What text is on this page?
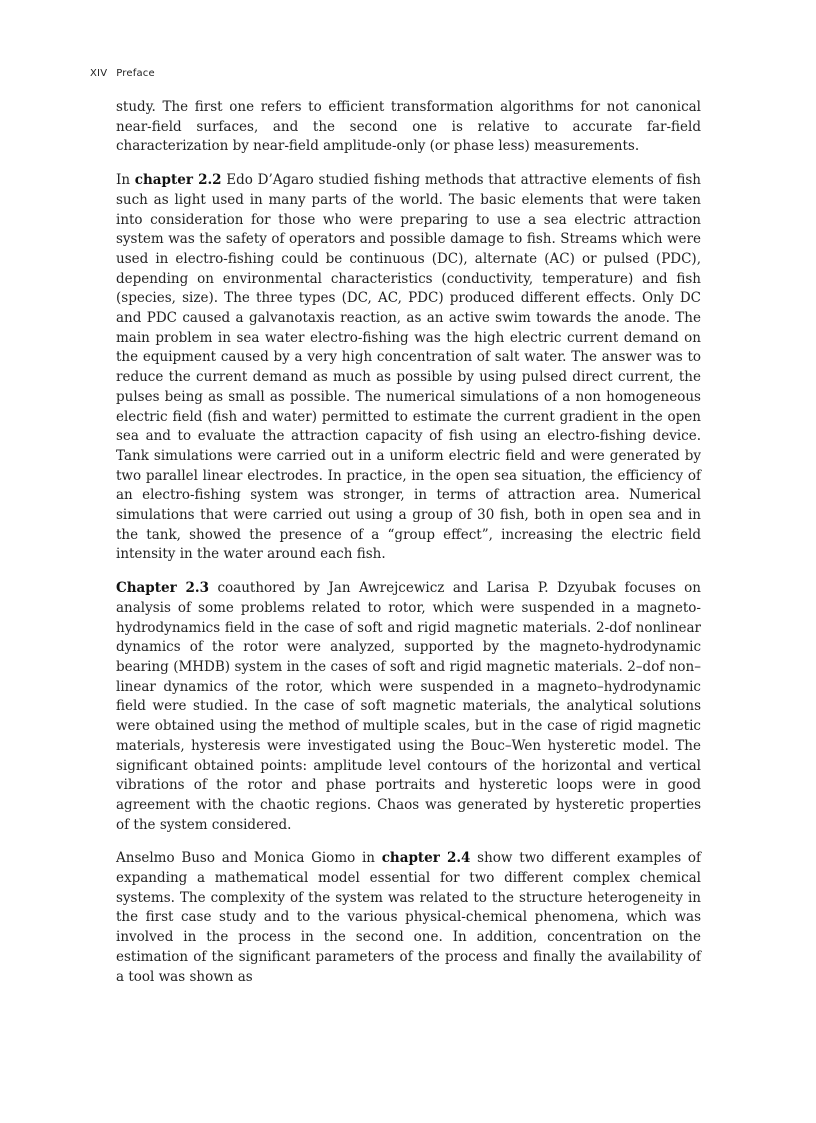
XIV Preface

study. The first one refers to efficient transformation algorithms for not canonical near-field surfaces, and the second one is relative to accurate far-field characterization by near-field amplitude-only (or phase less) measurements.

In chapter 2.2 Edo D’Agaro studied fishing methods that attractive elements of fish such as light used in many parts of the world. The basic elements that were taken into consideration for those who were preparing to use a sea electric attraction system was the safety of operators and possible damage to fish. Streams which were used in electro-fishing could be continuous (DC), alternate (AC) or pulsed (PDC), depending on environmental characteristics (conductivity, temperature) and fish (species, size). The three types (DC, AC, PDC) produced different effects. Only DC and PDC caused a galvanotaxis reaction, as an active swim towards the anode. The main problem in sea water electro-fishing was the high electric current demand on the equipment caused by a very high concentration of salt water. The answer was to reduce the current demand as much as possible by using pulsed direct current, the pulses being as small as possible. The numerical simulations of a non homogeneous electric field (fish and water) permitted to estimate the current gradient in the open sea and to evaluate the attraction capacity of fish using an electro-fishing device. Tank simulations were carried out in a uniform electric field and were generated by two parallel linear electrodes. In practice, in the open sea situation, the efficiency of an electro-fishing system was stronger, in terms of attraction area. Numerical simulations that were carried out using a group of 30 fish, both in open sea and in the tank, showed the presence of a “group effect”, increasing the electric field intensity in the water around each fish.

Chapter 2.3 coauthored by Jan Awrejcewicz and Larisa P. Dzyubak focuses on analysis of some problems related to rotor, which were suspended in a magneto-hydrodynamics field in the case of soft and rigid magnetic materials. 2-dof nonlinear dynamics of the rotor were analyzed, supported by the magneto-hydrodynamic bearing (MHDB) system in the cases of soft and rigid magnetic materials. 2–dof non–linear dynamics of the rotor, which were suspended in a magneto–hydrodynamic field were studied. In the case of soft magnetic materials, the analytical solutions were obtained using the method of multiple scales, but in the case of rigid magnetic materials, hysteresis were investigated using the Bouc–Wen hysteretic model. The significant obtained points: amplitude level contours of the horizontal and vertical vibrations of the rotor and phase portraits and hysteretic loops were in good agreement with the chaotic regions. Chaos was generated by hysteretic properties of the system considered.

Anselmo Buso and Monica Giomo in chapter 2.4 show two different examples of expanding a mathematical model essential for two different complex chemical systems. The complexity of the system was related to the structure heterogeneity in the first case study and to the various physical-chemical phenomena, which was involved in the process in the second one. In addition, concentration on the estimation of the significant parameters of the process and finally the availability of a tool was shown as
